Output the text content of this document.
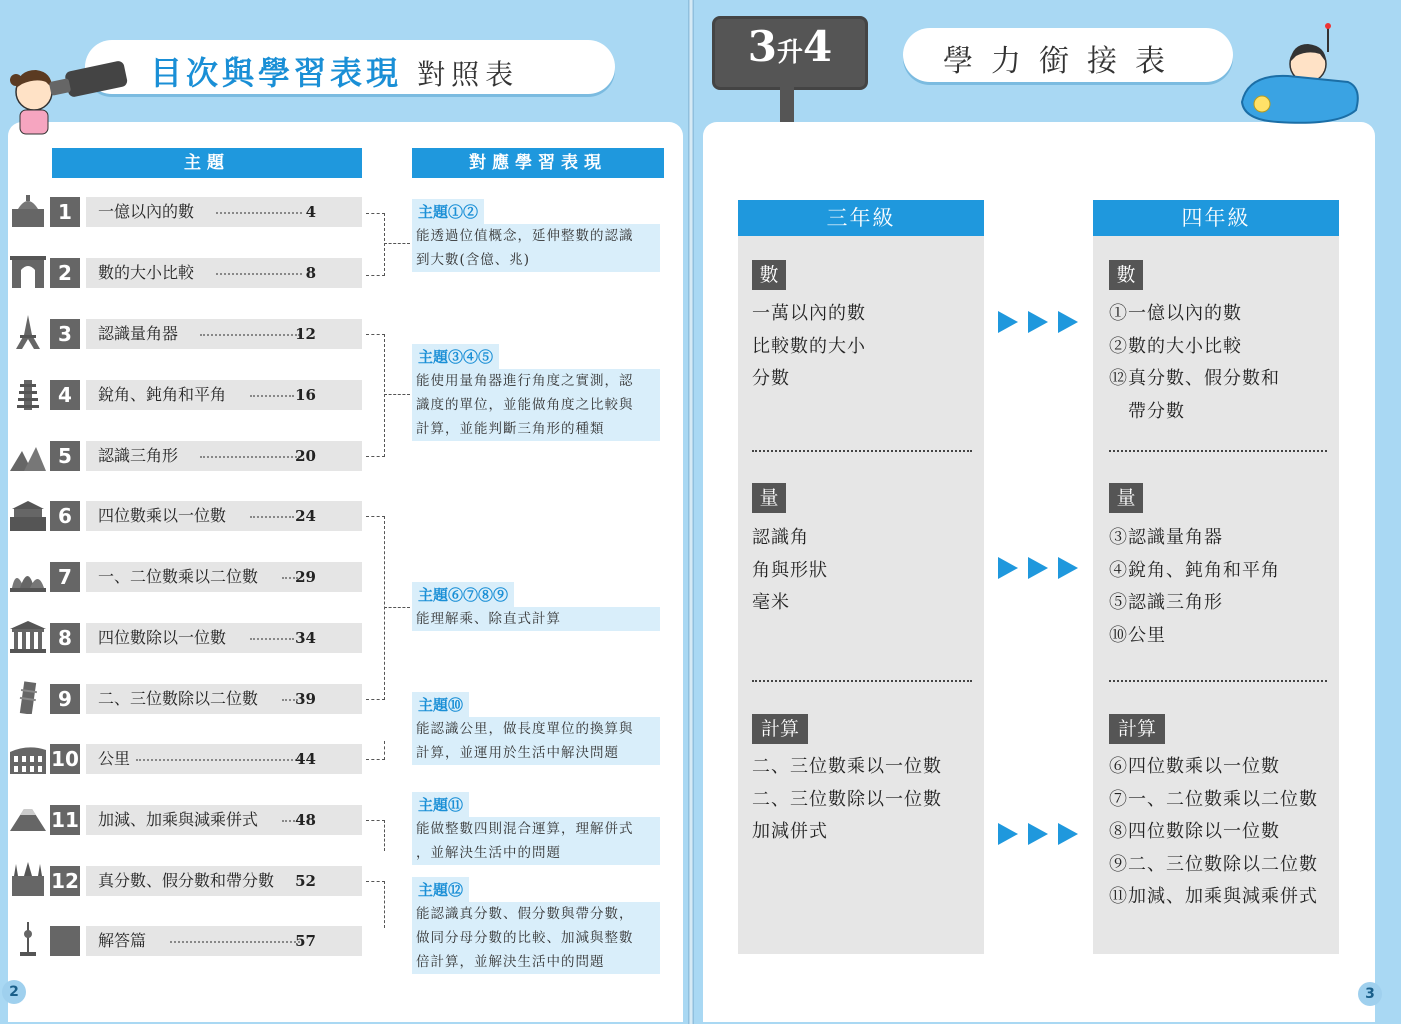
目次與學習表現 對照表
主題	對應學習表現
1	一億以內的數	4
2	數的大小比較	8
3	認識量角器	12
4	銳角、鈍角和平角	16
5	認識三角形	20
6	四位數乘以一位數	24
7	一、二位數乘以二位數 29
8	四位數除以一位數	34
9	二、三位數除以二位數 39
10 公里	44
11 加減、加乘與減乘併式 48
12 真分數、假分數和帶分數 52
解答篇	57
主題①②
能透過位值概念，延伸整數的認識
到大數(含億、兆)
主題③④⑤
能使用量角器進行角度之實測，認
識度的單位，並能做角度之比較與
計算，並能判斷三角形的種類
主題⑥⑦⑧⑨
能理解乘、除直式計算
主題⑩
能認識公里，做長度單位的換算與
計算，並運用於生活中解決問題
主題⑪
能做整數四則混合運算，理解併式
，並解決生活中的問題
主題⑫
能認識真分數、假分數與帶分數，
做同分母分數的比較、加減與整數
倍計算，並解決生活中的問題
2
3升4	學力銜接表
三年級	四年級
數
一萬以內的數
比較數的大小
分數
量
認識角
角與形狀
毫米
計算
二、三位數乘以一位數
二、三位數除以一位數
加減併式
數
①一億以內的數
②數的大小比較
⑫真分數、假分數和
　帶分數
量
③認識量角器
④銳角、鈍角和平角
⑤認識三角形
⑩公里
計算
⑥四位數乘以一位數
⑦一、二位數乘以二位數
⑧四位數除以一位數
⑨二、三位數除以二位數
⑪加減、加乘與減乘併式
3
